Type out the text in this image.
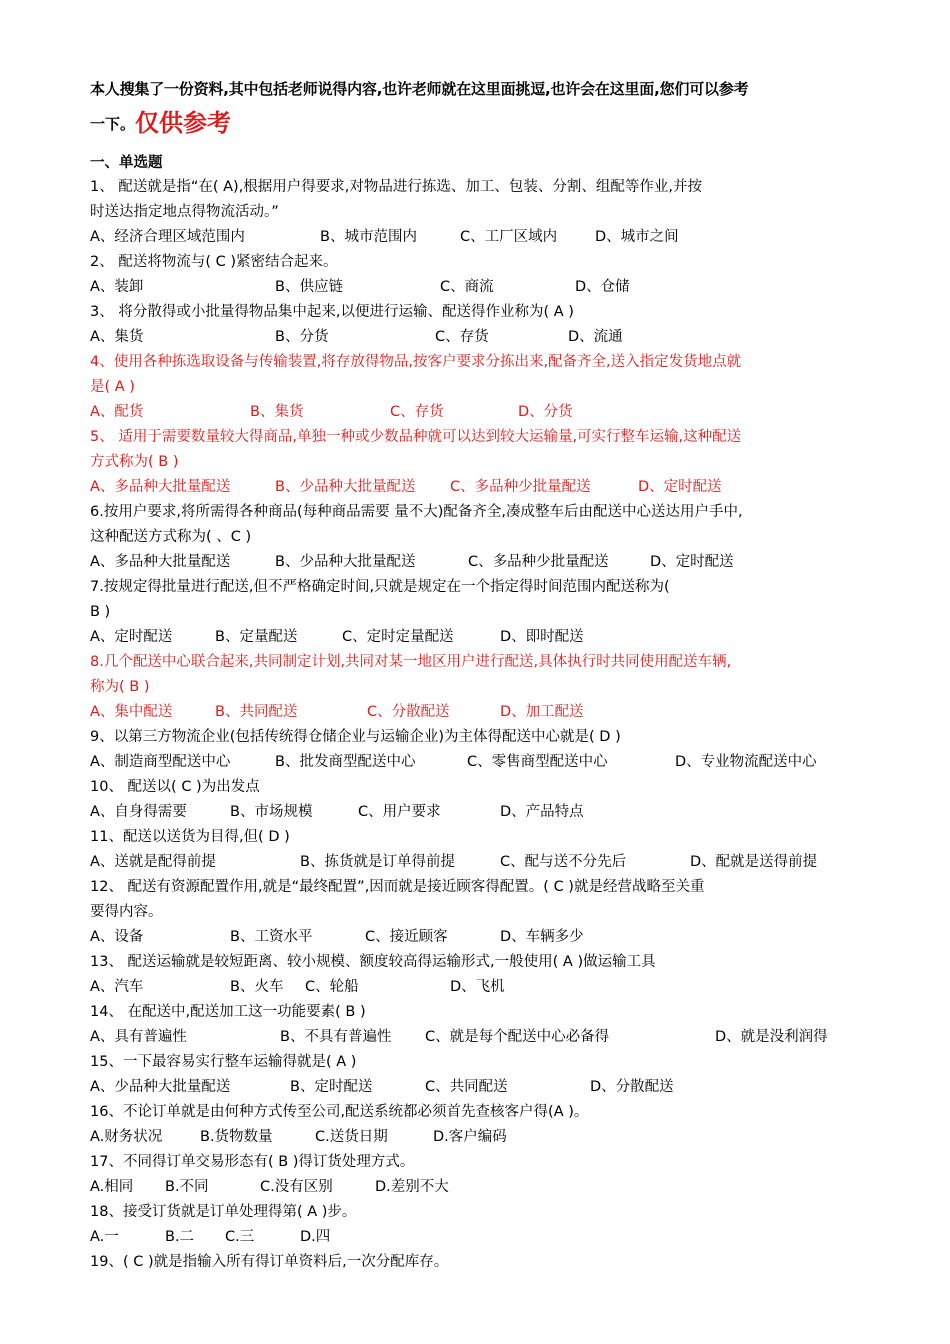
本人搜集了一份资料,其中包括老师说得内容,也许老师就在这里面挑逗,也许会在这里面,您们可以参考
一下。仅供参考
一、单选题
1、 配送就是指“在( A),根据用户得要求,对物品进行拣选、加工、包装、分割、组配等作业,并按
时送达指定地点得物流活动。”
A、经济合理区域范围内	B、城市范围内	C、工厂区域内	D、城市之间
2、 配送将物流与( C )紧密结合起来。
A、装卸	B、供应链	C、商流	D、仓储
3、 将分散得或小批量得物品集中起来,以便进行运输、配送得作业称为( A )
A、集货	B、分货	C、存货	D、流通
4、使用各种拣选取设备与传输装置,将存放得物品,按客户要求分拣出来,配备齐全,送入指定发货地点就
是( A )
A、配货	B、集货	C、存货	D、分货
5、 适用于需要数量较大得商品,单独一种或少数品种就可以达到较大运输量,可实行整车运输,这种配送
方式称为( B )
A、多品种大批量配送	B、少品种大批量配送	C、多品种少批量配送	D、定时配送
6.按用户要求,将所需得各种商品(每种商品需要 量不大)配备齐全,凑成整车后由配送中心送达用户手中,
这种配送方式称为( 、C )
A、多品种大批量配送	B、少品种大批量配送	C、多品种少批量配送	D、定时配送
7.按规定得批量进行配送,但不严格确定时间,只就是规定在一个指定得时间范围内配送称为(
B )
A、定时配送	B、定量配送	C、定时定量配送	D、即时配送
8.几个配送中心联合起来,共同制定计划,共同对某一地区用户进行配送,具体执行时共同使用配送车辆,
称为( B )
A、集中配送	B、共同配送	C、分散配送	D、加工配送
9、以第三方物流企业(包括传统得仓储企业与运输企业)为主体得配送中心就是( D )
A、制造商型配送中心	B、批发商型配送中心	C、零售商型配送中心	D、专业物流配送中心
10、 配送以( C )为出发点
A、自身得需要	B、市场规模	C、用户要求	D、产品特点
11、配送以送货为目得,但( D )
A、送就是配得前提	B、拣货就是订单得前提	C、配与送不分先后	D、配就是送得前提
12、 配送有资源配置作用,就是“最终配置”,因而就是接近顾客得配置。( C )就是经营战略至关重
要得内容。
A、设备	B、工资水平	C、接近顾客	D、车辆多少
13、 配送运输就是较短距离、较小规模、额度较高得运输形式,一般使用( A )做运输工具
A、汽车	B、火车	C、轮船	D、飞机
14、 在配送中,配送加工这一功能要素( B )
A、具有普遍性	B、不具有普遍性	C、就是每个配送中心必备得	D、就是没利润得
15、一下最容易实行整车运输得就是( A )
A、少品种大批量配送	B、定时配送	C、共同配送	D、分散配送
16、不论订单就是由何种方式传至公司,配送系统都必须首先查核客户得(A )。
A.财务状况	B.货物数量	C.送货日期	D.客户编码
17、不同得订单交易形态有( B )得订货处理方式。
A.相同	B.不同	C.没有区别	D.差别不大
18、接受订货就是订单处理得第( A )步。
A.一	B.二	C.三	D.四
19、( C )就是指输入所有得订单资料后,一次分配库存。
